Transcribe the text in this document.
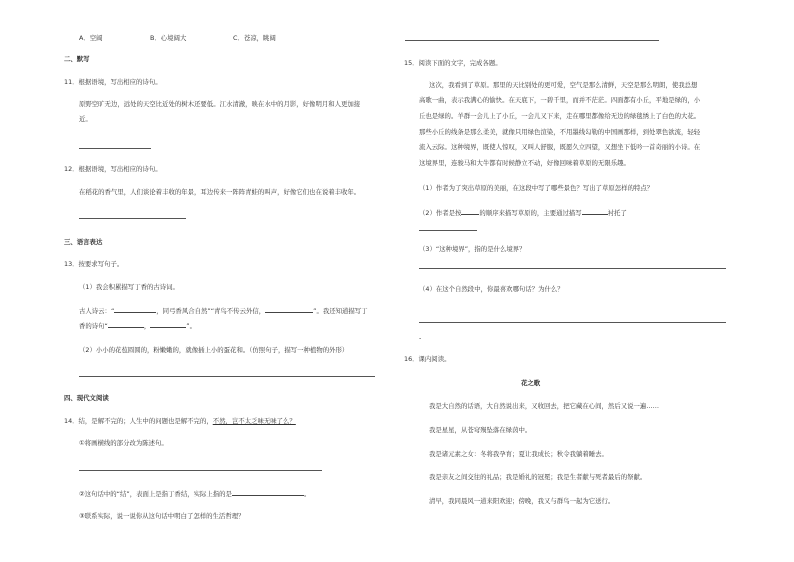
A．空阔	B．心境阔大	C．苍凉，眺阔
二、默写
11．根据语境，写出相应的诗句。
原野空旷无边，远处的天空比近处的树木还要低。江水清澈，映在水中的月影，好像明月和人更加接
近。
12．根据语境，写出相应的诗句。
在稻花的香气里，人们谈论着丰收的年景，耳边传来一阵阵青蛙的叫声，好像它们也在说着丰收年。
三、语言表达
13．按要求写句子。
（1）我会积累描写丁香的古诗词。
古人诗云：“	，同弓香风合自然”“青鸟不传云外信，	”。我还知道描写丁
香的诗句“	，	”。
（2）小小的花苞圆圆的，粉嫩嫩的，就像插上小的蛋花和。（仿照句子，描写一种植物的外形）
四、现代文阅读
14．结，是解不完的；人生中的问题也是解不完的，不然，岂不太乏味无味了么？
①将画横线的部分改为陈述句。
②这句话中的“结”，表面上是指丁香结，实际上指的是	。
③联系实际，说一说你从这句话中明白了怎样的生活哲理？
15．阅读下面的文字，完成各题。
这次，我看到了草原。那里的天比别处的更可爱，空气是那么清鲜，天空是那么明朗，使我总想
高歌一曲，表示我满心的愉快。在天底下，一碧千里，而并不茫茫。四面都有小丘，平地是绿的，小
丘也是绿的。羊群一会儿上了小丘，一会儿又下来，走在哪里都像给无边的绿毯绣上了白色的大花。
那些小丘的线条是那么柔美，就像只用绿色渲染，不用墨线勾勒的中国画那样，到处翠色欲流，轻轻
流入云际。这种境界，既使人惊叹，又叫人舒服，既愿久立四望，又想坐下低吟一首奇丽的小诗。在
这境界里，连骏马和大牛都有时候静立不动，好像回味着草原的无限乐趣。
（1）作者为了突出草原的美丽，在这段中写了哪些景色？写出了草原怎样的特点？
（2）作者是按	的顺序来描写草原的，主要通过描写	衬托了
（3）“这种境界”，指的是什么境界？
（4）在这个自然段中，你最喜欢哪句话？为什么？
-
16．课内阅读。
花之歌
我是大自然的话语，大自然说出来，又收回去，把它藏在心间，然后又说一遍……
我是星星，从苍穹殒坠落在绿茵中。
我是诸元素之女：冬将我孕育；夏让我成长；秋令我躺着睡去。
我是亲友之间交往的礼品；我是婚礼的冠冕；我是生者献与死者最后的祭献。
清早，我同晨风一道来阳欢迎；傍晚，我又与群鸟一起为它送行。
